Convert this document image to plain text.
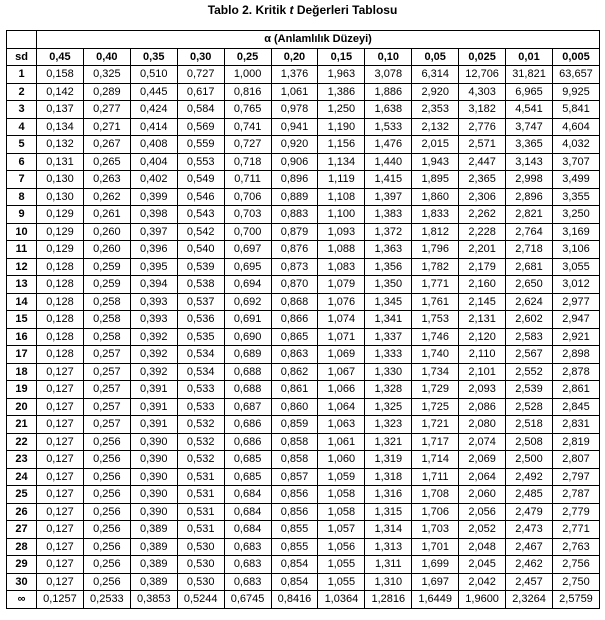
Tablo 2. Kritik t Değerleri Tablosu
	α (Anlamlılık Düzeyi)											
sd	0,45	0,40	0,35	0,30	0,25	0,20	0,15	0,10	0,05	0,025	0,01	0,005
1	0,158	0,325	0,510	0,727	1,000	1,376	1,963	3,078	6,314	12,706	31,821	63,657
2	0,142	0,289	0,445	0,617	0,816	1,061	1,386	1,886	2,920	4,303	6,965	9,925
3	0,137	0,277	0,424	0,584	0,765	0,978	1,250	1,638	2,353	3,182	4,541	5,841
4	0,134	0,271	0,414	0,569	0,741	0,941	1,190	1,533	2,132	2,776	3,747	4,604
5	0,132	0,267	0,408	0,559	0,727	0,920	1,156	1,476	2,015	2,571	3,365	4,032
6	0,131	0,265	0,404	0,553	0,718	0,906	1,134	1,440	1,943	2,447	3,143	3,707
7	0,130	0,263	0,402	0,549	0,711	0,896	1,119	1,415	1,895	2,365	2,998	3,499
8	0,130	0,262	0,399	0,546	0,706	0,889	1,108	1,397	1,860	2,306	2,896	3,355
9	0,129	0,261	0,398	0,543	0,703	0,883	1,100	1,383	1,833	2,262	2,821	3,250
10	0,129	0,260	0,397	0,542	0,700	0,879	1,093	1,372	1,812	2,228	2,764	3,169
11	0,129	0,260	0,396	0,540	0,697	0,876	1,088	1,363	1,796	2,201	2,718	3,106
12	0,128	0,259	0,395	0,539	0,695	0,873	1,083	1,356	1,782	2,179	2,681	3,055
13	0,128	0,259	0,394	0,538	0,694	0,870	1,079	1,350	1,771	2,160	2,650	3,012
14	0,128	0,258	0,393	0,537	0,692	0,868	1,076	1,345	1,761	2,145	2,624	2,977
15	0,128	0,258	0,393	0,536	0,691	0,866	1,074	1,341	1,753	2,131	2,602	2,947
16	0,128	0,258	0,392	0,535	0,690	0,865	1,071	1,337	1,746	2,120	2,583	2,921
17	0,128	0,257	0,392	0,534	0,689	0,863	1,069	1,333	1,740	2,110	2,567	2,898
18	0,127	0,257	0,392	0,534	0,688	0,862	1,067	1,330	1,734	2,101	2,552	2,878
19	0,127	0,257	0,391	0,533	0,688	0,861	1,066	1,328	1,729	2,093	2,539	2,861
20	0,127	0,257	0,391	0,533	0,687	0,860	1,064	1,325	1,725	2,086	2,528	2,845
21	0,127	0,257	0,391	0,532	0,686	0,859	1,063	1,323	1,721	2,080	2,518	2,831
22	0,127	0,256	0,390	0,532	0,686	0,858	1,061	1,321	1,717	2,074	2,508	2,819
23	0,127	0,256	0,390	0,532	0,685	0,858	1,060	1,319	1,714	2,069	2,500	2,807
24	0,127	0,256	0,390	0,531	0,685	0,857	1,059	1,318	1,711	2,064	2,492	2,797
25	0,127	0,256	0,390	0,531	0,684	0,856	1,058	1,316	1,708	2,060	2,485	2,787
26	0,127	0,256	0,390	0,531	0,684	0,856	1,058	1,315	1,706	2,056	2,479	2,779
27	0,127	0,256	0,389	0,531	0,684	0,855	1,057	1,314	1,703	2,052	2,473	2,771
28	0,127	0,256	0,389	0,530	0,683	0,855	1,056	1,313	1,701	2,048	2,467	2,763
29	0,127	0,256	0,389	0,530	0,683	0,854	1,055	1,311	1,699	2,045	2,462	2,756
30	0,127	0,256	0,389	0,530	0,683	0,854	1,055	1,310	1,697	2,042	2,457	2,750
∞	0,1257	0,2533	0,3853	0,5244	0,6745	0,8416	1,0364	1,2816	1,6449	1,9600	2,3264	2,5759
